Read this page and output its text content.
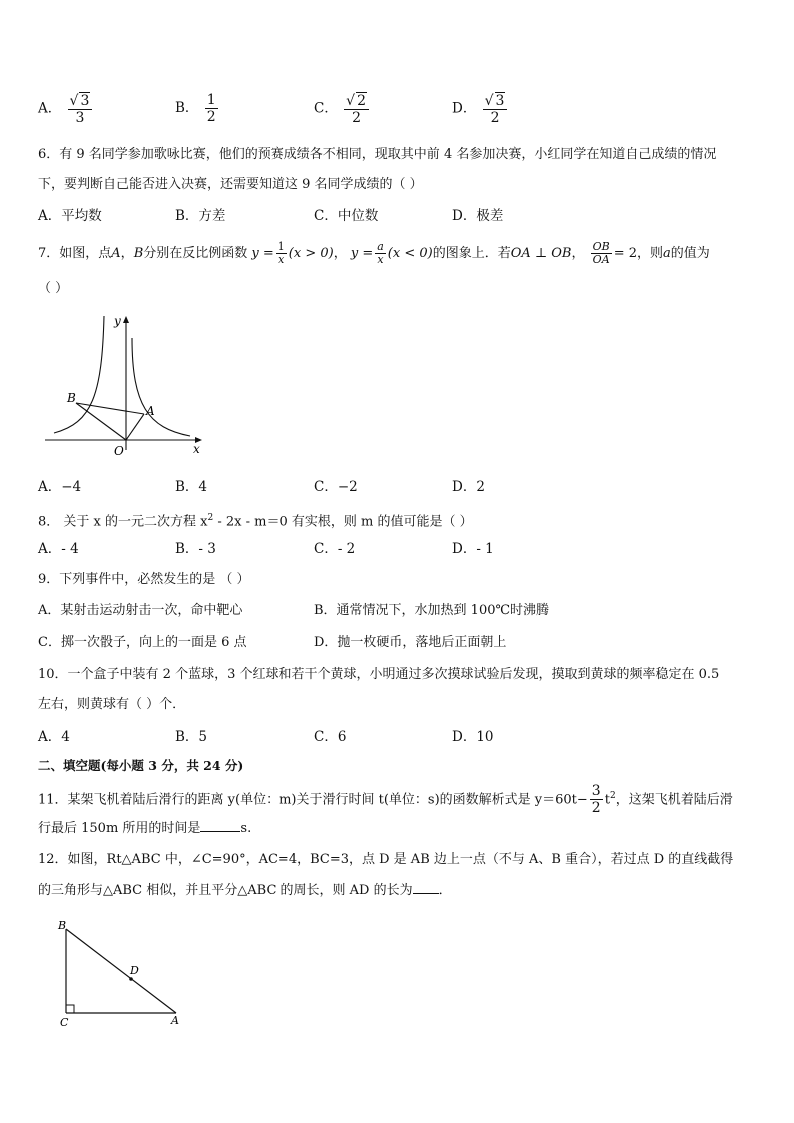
A． $\frac{√ 3}{3}$	B． $\frac{1}{2}$	C． $\frac{√ 2}{2}$	D． $\frac{√ 3}{2}$
6．有 9 名同学参加歌咏比赛，他们的预赛成绩各不相同，现取其中前 4 名参加决赛，小红同学在知道自己成绩的情况
下，要判断自己能否进入决赛，还需要知道这 9 名同学成绩的（ ）
A．平均数	B．方差	C．中位数	D．极差
7．如图，点A，B分别在反比例函数 $y = \frac{1}{x} (x > 0)$， $y = \frac{a}{x} (x < 0)$的图象上．若OA ⊥ OB， $\frac{OB}{OA} = 2$，则a的值为
（ ）
y
x
O
A
B
A．−4	B．4	C．−2	D．2
8． 关于 x 的一元二次方程 $x^2 - 2x - m=0$ 有实根，则 m 的值可能是（ ）
A．- 4	B．- 3	C．- 2	D．- 1
9．下列事件中，必然发生的是 （ ）
A．某射击运动射击一次，命中靶心	B．通常情况下，水加热到 100℃时沸腾
C．掷一次骰子，向上的一面是 6 点	D．抛一枚硬币，落地后正面朝上
10．一个盒子中装有 2 个蓝球，3 个红球和若干个黄球，小明通过多次摸球试验后发现，摸取到黄球的频率稳定在 0.5
左右，则黄球有（ ）个．
A．4	B．5	C．6	D．10
二、填空题(每小题 3 分，共 24 分)
11．某架飞机着陆后滑行的距离 y(单位：m)关于滑行时间 t(单位：s)的函数解析式是 $y=60t- \frac{3}{2} t^2$，这架飞机着陆后滑
行最后 150m 所用的时间是	s.
12．如图，Rt△ABC 中，∠C=90°，AC=4，BC=3，点 D 是 AB 边上一点（不与 A、B 重合），若过点 D 的直线截得
的三角形与△ABC 相似，并且平分△ABC 的周长，则 AD 的长为 ．
B
C	A
D
